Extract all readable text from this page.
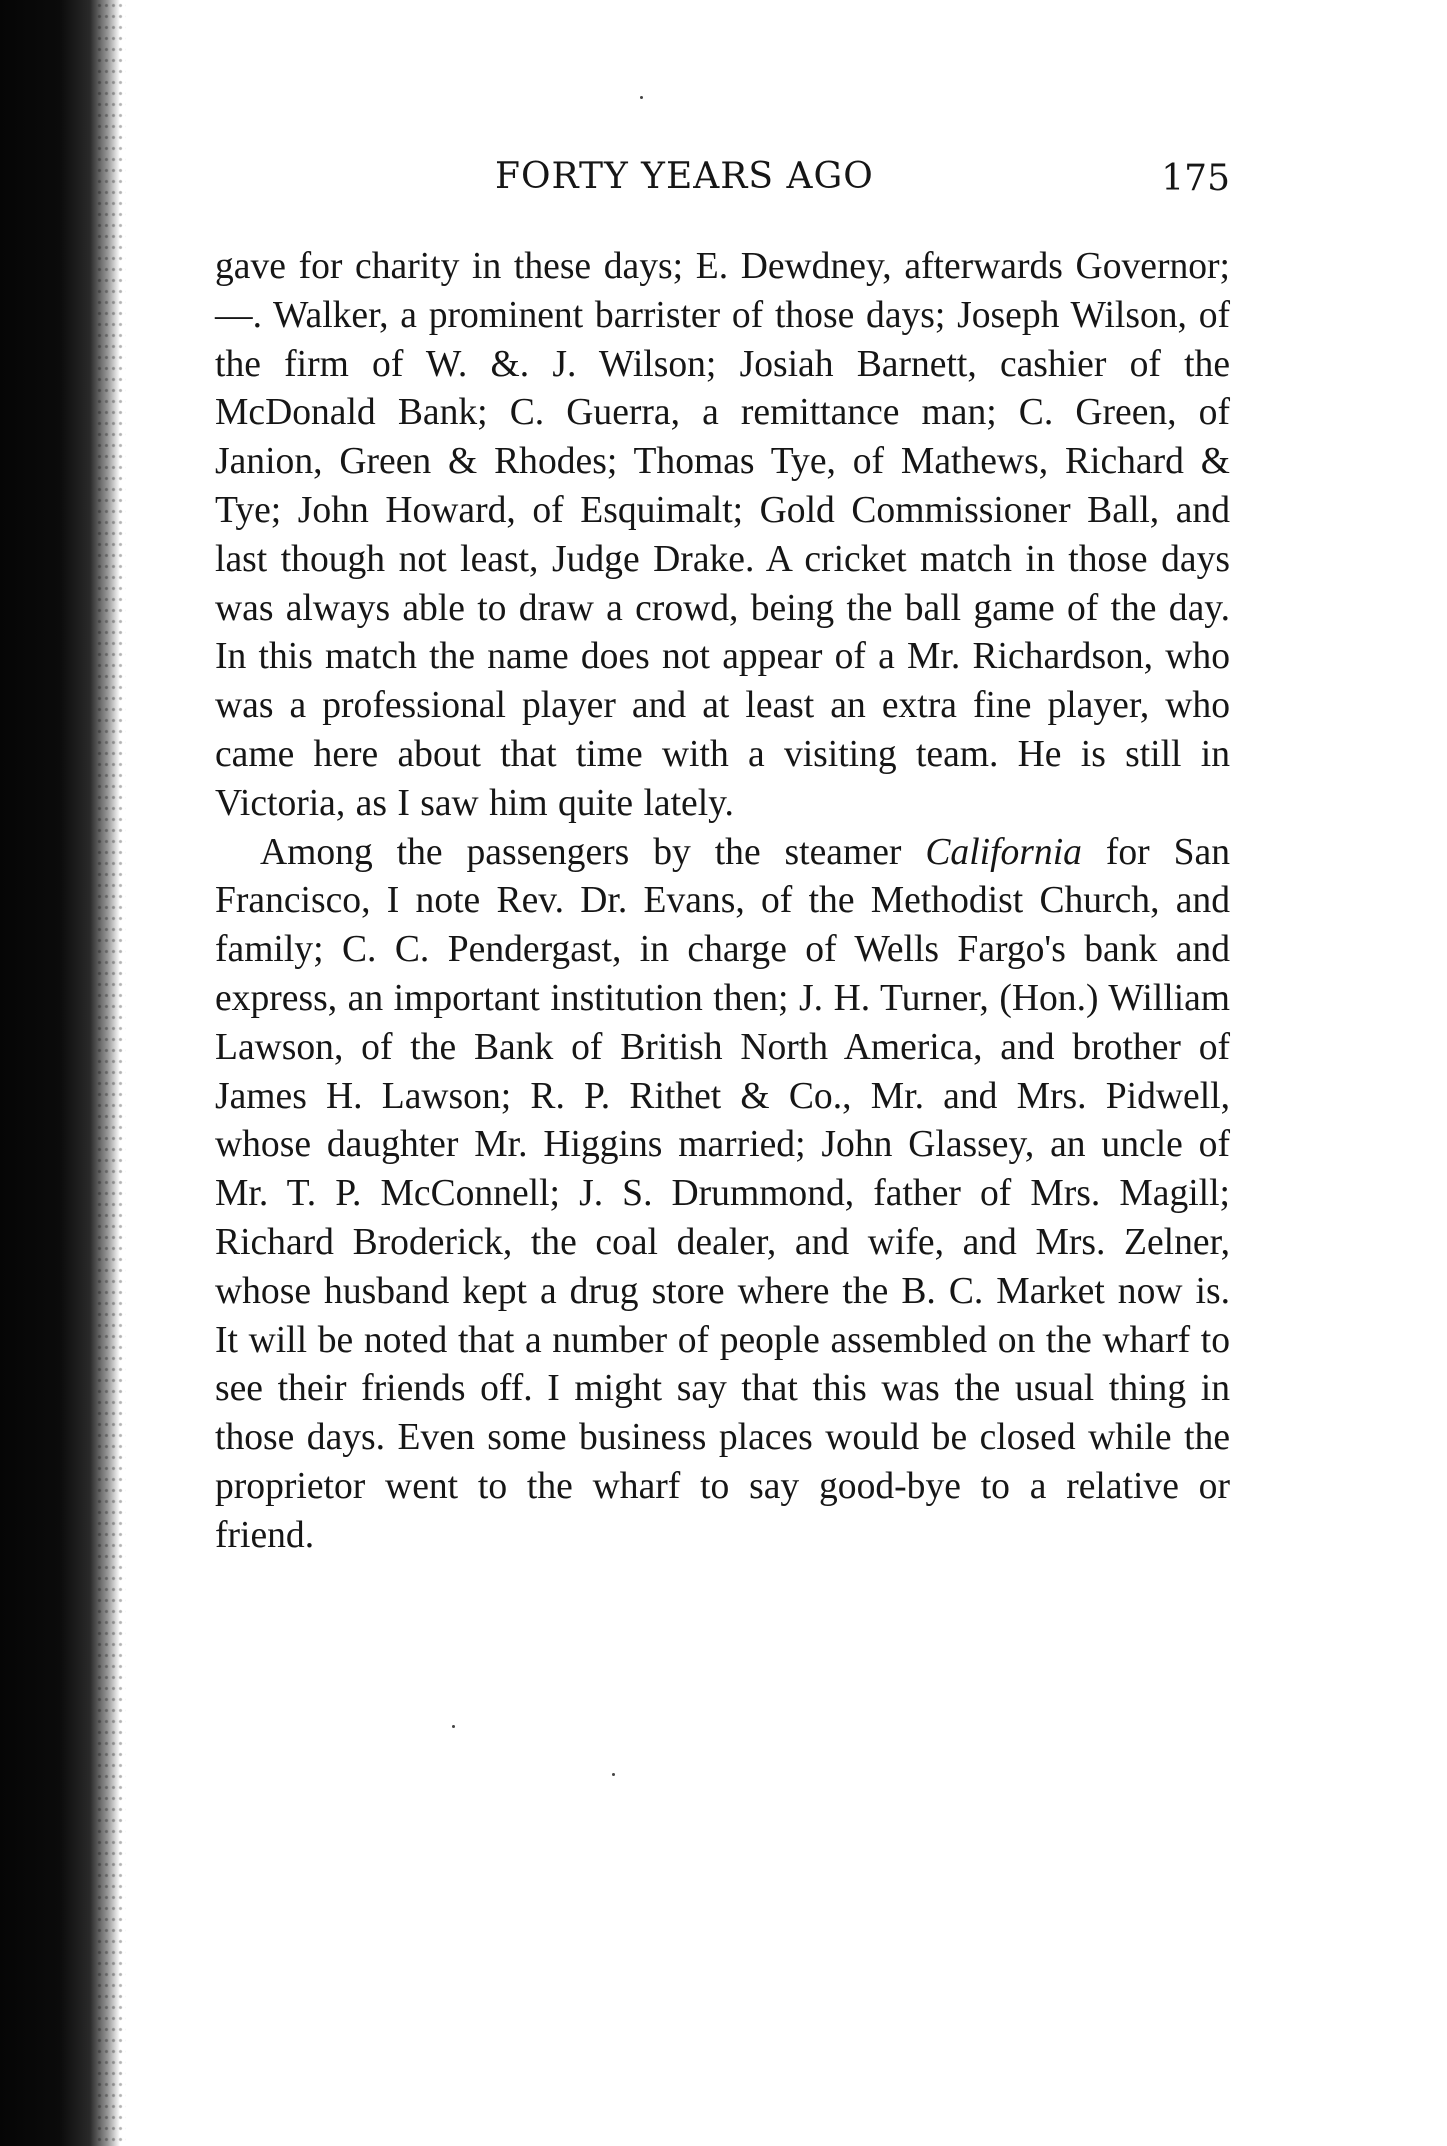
FORTY YEARS AGO	175

gave for charity in these days; E. Dewdney, afterwards Governor; —. Walker, a prominent barrister of those days; Joseph Wilson, of the firm of W. &. J. Wilson; Josiah Barnett, cashier of the McDonald Bank; C. Guerra, a remittance man; C. Green, of Janion, Green & Rhodes; Thomas Tye, of Mathews, Richard & Tye; John Howard, of Esquimalt; Gold Commissioner Ball, and last though not least, Judge Drake. A cricket match in those days was always able to draw a crowd, being the ball game of the day. In this match the name does not appear of a Mr. Richardson, who was a professional player and at least an extra fine player, who came here about that time with a visiting team. He is still in Victoria, as I saw him quite lately.

Among the passengers by the steamer California for San Francisco, I note Rev. Dr. Evans, of the Methodist Church, and family; C. C. Pendergast, in charge of Wells Fargo's bank and express, an important institution then; J. H. Turner, (Hon.) William Lawson, of the Bank of British North America, and brother of James H. Lawson; R. P. Rithet & Co., Mr. and Mrs. Pidwell, whose daughter Mr. Higgins married; John Glassey, an uncle of Mr. T. P. McConnell; J. S. Drummond, father of Mrs. Magill; Richard Broderick, the coal dealer, and wife, and Mrs. Zelner, whose husband kept a drug store where the B. C. Market now is. It will be noted that a number of people assembled on the wharf to see their friends off. I might say that this was the usual thing in those days. Even some business places would be closed while the proprietor went to the wharf to say good-bye to a relative or friend.
